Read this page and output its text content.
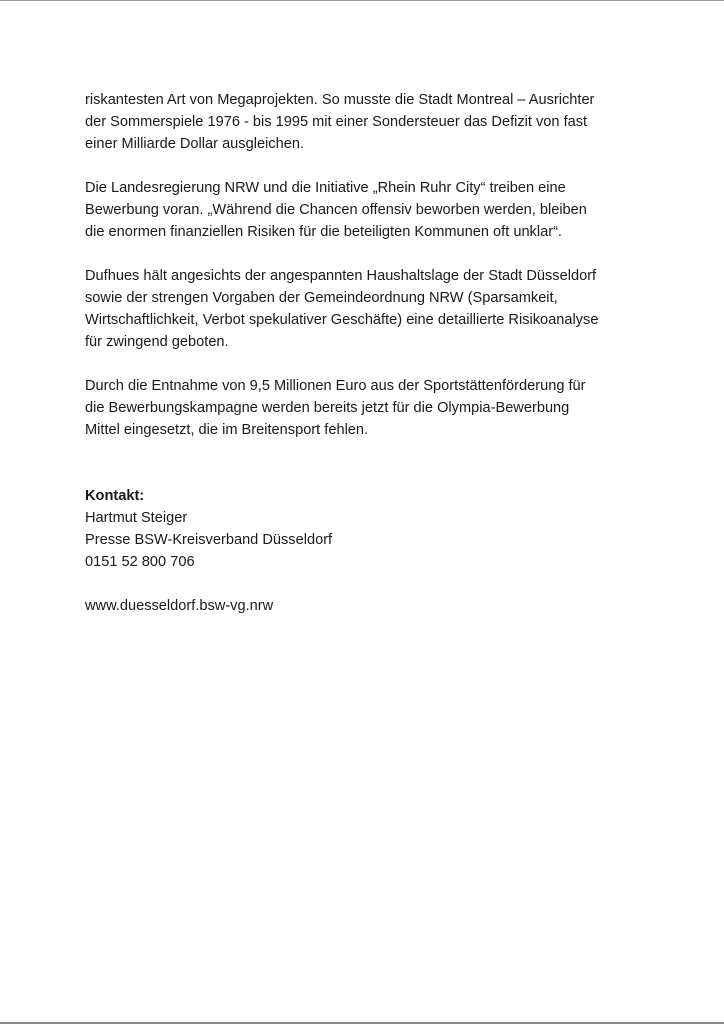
riskantesten Art von Megaprojekten. So musste die Stadt Montreal – Ausrichter
der Sommerspiele 1976 - bis 1995 mit einer Sondersteuer das Defizit von fast
einer Milliarde Dollar ausgleichen.

Die Landesregierung NRW und die Initiative „Rhein Ruhr City“ treiben eine
Bewerbung voran. „Während die Chancen offensiv beworben werden, bleiben
die enormen finanziellen Risiken für die beteiligten Kommunen oft unklar“.

Dufhues hält angesichts der angespannten Haushaltslage der Stadt Düsseldorf
sowie der strengen Vorgaben der Gemeindeordnung NRW (Sparsamkeit,
Wirtschaftlichkeit, Verbot spekulativer Geschäfte) eine detaillierte Risikoanalyse
für zwingend geboten.

Durch die Entnahme von 9,5 Millionen Euro aus der Sportstättenförderung für
die Bewerbungskampagne werden bereits jetzt für die Olympia-Bewerbung
Mittel eingesetzt, die im Breitensport fehlen.

Kontakt:
Hartmut Steiger
Presse BSW-Kreisverband Düsseldorf
0151 52 800 706
www.duesseldorf.bsw-vg.nrw
